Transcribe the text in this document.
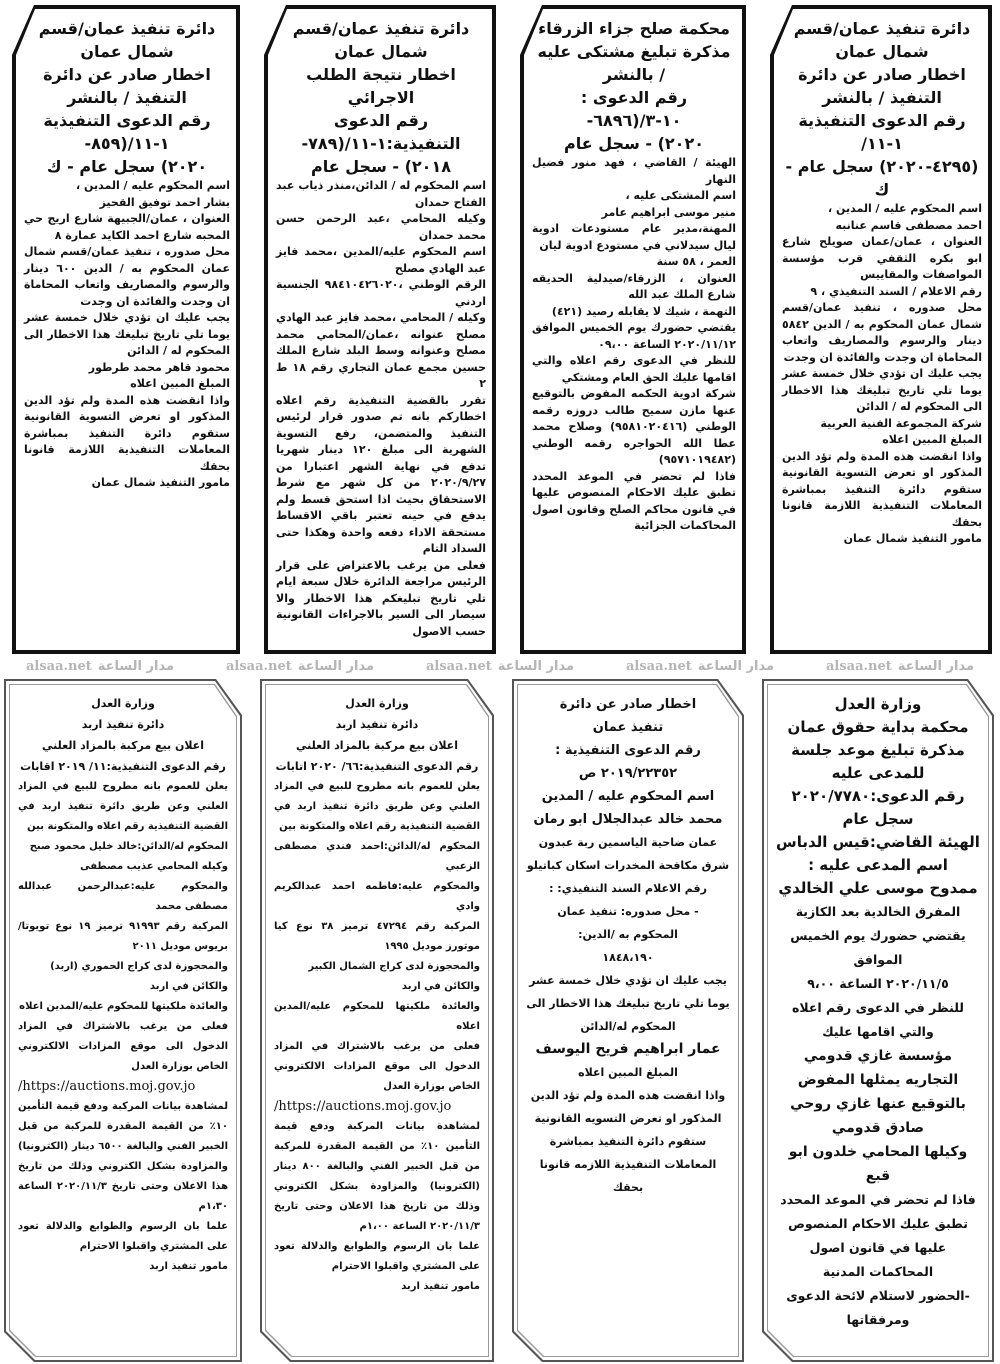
دائرة تنفيذ عمان/قسم شمال عمان
اخطار صادر عن دائرة التنفيذ / بالنشر
رقم الدعوى التنفيذية ١-١١/
(٤٢٩٥-٢٠٢٠) سجل عام - ك

اسم المحكوم عليه / المدين ،

احمد مصطفى قاسم عنانبه

العنوان ، عمان/عمان صويلح شارع ابو بكره الثقفي قرب مؤسسة المواصفات والمقاييس

رقم الاعلام / السند التنفيذي ، ٩

محل صدوره ، تنفيذ عمان/قسم شمال عمان المحكوم به / الدين ٥٨٤٢ دينار والرسوم والمصاريف واتعاب المحاماة ان وجدت والفائدة ان وجدت

يجب عليك ان تؤدي خلال خمسة عشر يوما تلي تاريخ تبليغك هذا الاخطار الى المحكوم له / الدائن

شركة المجموعة الفنية العربية

المبلغ المبين اعلاه

واذا انقضت هذه المدة ولم تؤد الدين المذكور او تعرض التسوية القانونية ستقوم دائرة التنفيذ بمباشرة المعاملات التنفيذية اللازمة قانونا بحقك

مامور التنفيذ شمال عمان

محكمة صلح جزاء الزرقاء
مذكرة تبليغ مشتكى عليه / بالنشر
رقم الدعوى : ١٠-٣/(٦٨٩٦-
٢٠٢٠) - سجل عام

الهيئة / القاضي ، فهد منور فضيل النهار

اسم المشتكى عليه ،

منير موسى ابراهيم عامر

المهنة،مدير عام مستودعات ادوية ليال سيدلاني في مستودع ادوية ليان

العمر ، ٥٨ سنة

العنوان ، الزرقاء/صيدلية الحديقه شارع الملك عبد الله

التهمة ، شيك لا يقابله رصيد (٤٢١)

يقتضي حضورك يوم الخميس الموافق ٢٠٢٠/١١/١٢ الساعة ٠٩،٠٠

للنظر في الدعوى رقم اعلاه والتي اقامها عليك الحق العام ومشتكي

شركة ادوية الحكمه المفوض بالتوقيع عنها مازن سميح طالب دروزه رقمه الوطني (٩٥٨١٠٢٠٤١٦) وصلاح محمد عطا الله الحواجره رقمه الوطني (٩٥٧١٠١٩٤٨٢)

فاذا لم تحضر في الموعد المحدد تطبق عليك الاحكام المنصوص عليها في قانون محاكم الصلح وقانون اصول المحاكمات الجزائية

دائرة تنفيذ عمان/قسم شمال عمان
اخطار نتيجة الطلب الاجرائي
رقم الدعوى التنفيذية:١-١١/(٧٨٩-
٢٠١٨) - سجل عام

اسم المحكوم له / الدائن،منذر ذياب عبد الفتاح حمدان

وكيله المحامي ،عبد الرحمن حسن محمد حمدان

اسم المحكوم عليه/المدين ،محمد فايز عبد الهادي مصلح

الرقم الوطني ،٩٨٤١٠٤٢٦٠٢٠ الجنسية اردني

وكيله / المحامي ،محمد فايز عبد الهادي مصلح عنوانه ،عمان/المحامي محمد مصلح وعنوانه وسط البلد شارع الملك حسين مجمع عمان التجاري رقم ١٨ ط ٢

تقرر بالقضية التنفيذية رقم اعلاه اخطاركم بانه تم صدور قرار لرئيس التنفيذ والمتضمن، رفع التسوية الشهرية الى مبلغ ١٢٠ دينار شهريا تدفع في نهاية الشهر اعتبارا من ٢٠٢٠/٩/٢٧ من كل شهر مع شرط الاستحقاق بحيث اذا استحق قسط ولم يدفع في حينه تعتبر باقي الاقساط مستحقة الاداء دفعه واحدة وهكذا حتى السداد التام

فعلى من يرغب بالاعتراض على قرار الرئيس مراجعة الدائرة خلال سبعة ايام تلي تاريخ تبليغكم هذا الاخطار والا سيصار الى السير بالاجراءات القانونية حسب الاصول

دائرة تنفيذ عمان/قسم شمال عمان
اخطار صادر عن دائرة التنفيذ / بالنشر
رقم الدعوى التنفيذية ١-١١/(٨٥٩-
٢٠٢٠) سجل عام - ك

اسم المحكوم عليه / المدين ،

بشار احمد توفيق القحيز

العنوان ، عمان/الجبيهة شارع اريج حي المحبه شارع احمد الكايد عمارة ٨

محل صدوره ، تنفيذ عمان/قسم شمال عمان المحكوم به / الدين ٦٠٠ دينار والرسوم والمصاريف واتعاب المحاماة ان وجدت والفائدة ان وجدت

يجب عليك ان تؤدي خلال خمسة عشر يوما تلي تاريخ تبليغك هذا الاخطار الى المحكوم له / الدائن

محمود قاهر محمد طرطور

المبلغ المبين اعلاه

واذا انقضت هذه المدة ولم تؤد الدين المذكور او تعرض التسوية القانونية ستقوم دائرة التنفيذ بمباشرة المعاملات التنفيذية اللازمة قانونا بحقك

مامور التنفيذ شمال عمان

مدار الساعةalsaa.net
مدار الساعةalsaa.net
مدار الساعةalsaa.net
مدار الساعةalsaa.net
مدار الساعةalsaa.net
وزارة العدل
محكمة بداية حقوق عمان
مذكرة تبليغ موعد جلسة للمدعى عليه
رقم الدعوى:٢٠٢٠/٧٧٨٠ سجل عام
الهيئة القاضي:قيس الدباس
اسم المدعى عليه :
ممدوح موسى علي الخالدي

المفرق الخالدية بعد الكازية

يقتضي حضورك يوم الخميس الموافق

٢٠٢٠/١١/٥ الساعة ٩،٠٠

للنظر في الدعوى رقم اعلاه والتي اقامها عليك

مؤسسة غازي قدومي التجاريه يمثلها المفوض بالتوقيع عنها غازي روحي صادق قدومي

وكيلها المحامي خلدون ابو قبع

فاذا لم تحضر في الموعد المحدد تطبق عليك الاحكام المنصوص عليها في قانون اصول المحاكمات المدنية

-الحضور لاستلام لائحة الدعوى ومرفقاتها

اخطار صادر عن دائرة
تنفيذ عمان
رقم الدعوى التنفيذية :
٢٠١٩/٢٢٣٥٢ ص
اسم المحكوم عليه / المدين
محمد خالد عبدالجلال ابو رمان

عمان ضاحية الياسمين ربة عبدون شرق مكافحة المخدرات اسكان كباتيلو

رقم الاعلام السند التنفيذي: :

- محل صدوره: تنفيذ عمان

المحكوم به /الدين:

١٨٤٨،١٩٠

يجب عليك ان تؤدي خلال خمسة عشر يوما تلي تاريخ تبليغك هذا الاخطار الى المحكوم له/الدائن

عمار ابراهيم فريح اليوسف

المبلغ المبين اعلاه

واذا انقضت هذه المدة ولم تؤد الدين المذكور او تعرض التسويه القانونية ستقوم دائرة التنفيذ بمباشرة المعاملات التنفيذية اللازمه قانونا بحقك

وزارة العدل
دائرة تنفيذ اربد
اعلان بيع مركبة بالمزاد العلني
رقم الدعوى التنفيذية:٦٦/ ٢٠٢٠ اتابات

يعلن للعموم بانه مطروح للبيع في المزاد العلني وعن طريق دائرة تنفيذ اربد في القضية التنفيذية رقم اعلاه والمتكونة بين

المحكوم له/الدائن:احمد فندي مصطفى الزعبي

والمحكوم عليه:فاطمه احمد عبدالكريم وادي

المركبة رقم ٤٧٢٩٤ ترميز ٣٨ نوع كيا موتورز موديل ١٩٩٥

والمحجوزة لدى كراج الشمال الكبير

والكائن في اربد

والعائدة ملكيتها للمحكوم عليه/المدين اعلاه

فعلى من يرغب بالاشتراك في المزاد الدخول الى موقع المزادات الالكتروني الخاص بوزارة العدل

/https://auctions.moj.gov.jo

لمشاهدة بيانات المركبة ودفع قيمة التأمين ١٠٪ من القيمة المقدرة للمركبة من قبل الخبير الفني والبالغة ٨٠٠ دينار (الكترونيا) والمزاودة بشكل الكتروني وذلك من تاريخ هذا الاعلان وحتى تاريخ ٢٠٢٠/١١/٣ الساعة ١،٠٠م

علما بان الرسوم والطوابع والدلالة تعود على المشتري واقبلوا الاحترام

مامور تنفيذ اربد

وزارة العدل
دائرة تنفيذ اربد
اعلان بيع مركبة بالمزاد العلني
رقم الدعوى التنفيذية:١١/ ٢٠١٩ اقابات

يعلن للعموم بانه مطروح للبيع في المزاد العلني وعن طريق دائرة تنفيذ اربد في القضية التنفيذية رقم اعلاه والمتكونة بين

المحكوم له/الدائن:خالد خليل محمود صبح

وكيله المحامي عذيب مصطفى

والمحكوم عليه:عبدالرحمن عبدالله مصطفى محمد

المركبة رقم ٩١٩٩٣ ترميز ١٩ نوع تويوتا/بريوس موديل ٢٠١١

والمحجوزة لدى كراج الحموري (اربد)

والكائن في اربد

والعائدة ملكيتها للمحكوم عليه/المدين اعلاه

فعلى من يرغب بالاشتراك في المزاد الدخول الى موقع المزادات الالكتروني الخاص بوزارة العدل

/https://auctions.moj.gov.jo

لمشاهدة بيانات المركبة ودفع قيمة التأمين ١٠٪ من القيمة المقدرة للمركبة من قبل الخبير الفني والبالغة ٦٥٠٠ دينار (الكترونيا) والمزاودة بشكل الكتروني وذلك من تاريخ هذا الاعلان وحتى تاريخ ٢٠٢٠/١١/٣ الساعة ١،٣٠م

علما بان الرسوم والطوابع والدلالة تعود على المشتري واقبلوا الاحترام

مامور تنفيذ اربد
